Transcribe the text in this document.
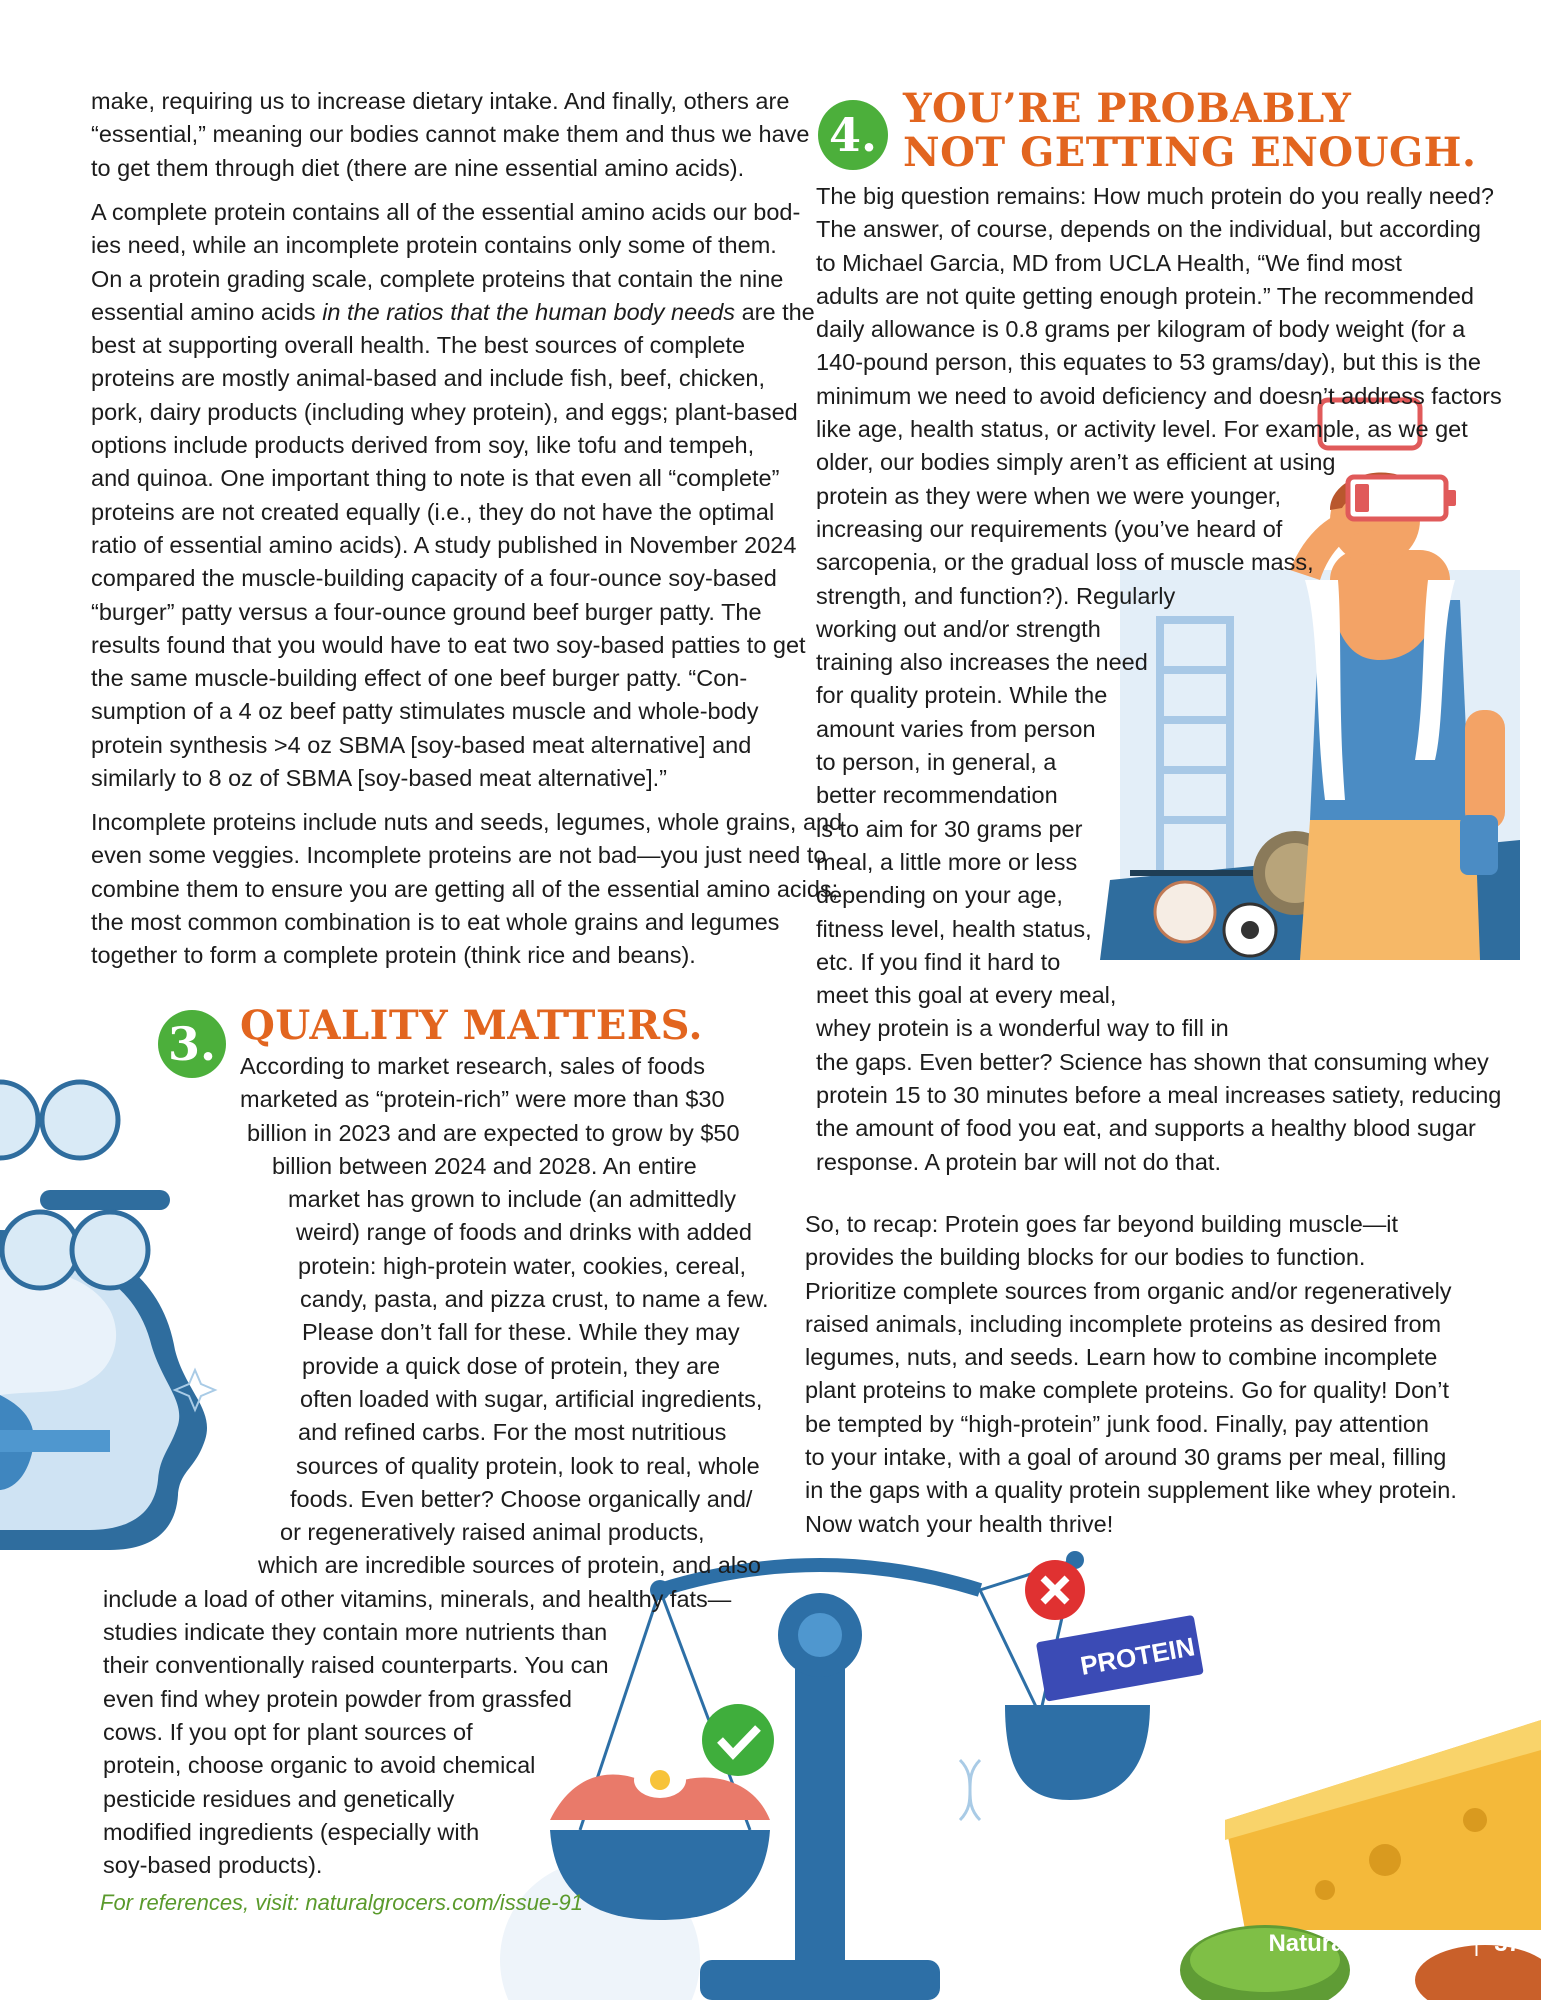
PROTEIN

make, requiring us to increase dietary intake. And finally, others are
“essential,” meaning our bodies cannot make them and thus we have
to get them through diet (there are nine essential amino acids).

A complete protein contains all of the essential amino acids our bod-
ies need, while an incomplete protein contains only some of them.
On a protein grading scale, complete proteins that contain the nine
essential amino acids in the ratios that the human body needs are the
best at supporting overall health. The best sources of complete
proteins are mostly animal-based and include fish, beef, chicken,
pork, dairy products (including whey protein), and eggs; plant-based
options include products derived from soy, like tofu and tempeh,
and quinoa. One important thing to note is that even all “complete”
proteins are not created equally (i.e., they do not have the optimal
ratio of essential amino acids). A study published in November 2024
compared the muscle-building capacity of a four-ounce soy-based
“burger” patty versus a four-ounce ground beef burger patty. The
results found that you would have to eat two soy-based patties to get
the same muscle-building effect of one beef burger patty. “Con-
sumption of a 4 oz beef patty stimulates muscle and whole-body
protein synthesis >4 oz SBMA [soy-based meat alternative] and
similarly to 8 oz of SBMA [soy-based meat alternative].”

Incomplete proteins include nuts and seeds, legumes, whole grains, and
even some veggies. Incomplete proteins are not bad—you just need to
combine them to ensure you are getting all of the essential amino acids;
the most common combination is to eat whole grains and legumes
together to form a complete protein (think rice and beans).

3. QUALITY MATTERS.
According to market research, sales of foods
marketed as “protein-rich” were more than $30
billion in 2023 and are expected to grow by $50
billion between 2024 and 2028. An entire
market has grown to include (an admittedly
weird) range of foods and drinks with added
protein: high-protein water, cookies, cereal,
candy, pasta, and pizza crust, to name a few.
Please don’t fall for these. While they may
provide a quick dose of protein, they are
often loaded with sugar, artificial ingredients,
and refined carbs. For the most nutritious
sources of quality protein, look to real, whole
foods. Even better? Choose organically and/
or regeneratively raised animal products,
which are incredible sources of protein, and also
include a load of other vitamins, minerals, and healthy fats—
studies indicate they contain more nutrients than
their conventionally raised counterparts. You can
even find whey protein powder from grassfed
cows. If you opt for plant sources of
protein, choose organic to avoid chemical
pesticide residues and genetically
modified ingredients (especially with
soy-based products).
For references, visit: naturalgrocers.com/issue-91
4. YOU’RE PROBABLY
NOT GETTING ENOUGH.

The big question remains: How much protein do you really need?
The answer, of course, depends on the individual, but according
to Michael Garcia, MD from UCLA Health, “We find most
adults are not quite getting enough protein.” The recommended
daily allowance is 0.8 grams per kilogram of body weight (for a
140-pound person, this equates to 53 grams/day), but this is the
minimum we need to avoid deficiency and doesn’t address factors
like age, health status, or activity level. For example, as we get
older, our bodies simply aren’t as efficient at using
protein as they were when we were younger,
increasing our requirements (you’ve heard of
sarcopenia, or the gradual loss of muscle mass,
strength, and function?). Regularly
working out and/or strength
training also increases the need
for quality protein. While the
amount varies from person
to person, in general, a
better recommendation
is to aim for 30 grams per
meal, a little more or less
depending on your age,
fitness level, health status,
etc. If you find it hard to
meet this goal at every meal,
whey protein is a wonderful way to fill in
the gaps. Even better? Science has shown that consuming whey
protein 15 to 30 minutes before a meal increases satiety, reducing
the amount of food you eat, and supports a healthy blood sugar
response. A protein bar will not do that.

So, to recap: Protein goes far beyond building muscle—it
provides the building blocks for our bodies to function.
Prioritize complete sources from organic and/or regeneratively
raised animals, including incomplete proteins as desired from
legumes, nuts, and seeds. Learn how to combine incomplete
plant proteins to make complete proteins. Go for quality! Don’t
be tempted by “high-protein” junk food. Finally, pay attention
to your intake, with a goal of around 30 grams per meal, filling
in the gaps with a quality protein supplement like whey protein.
Now watch your health thrive!

Natural Grocers® | 37
